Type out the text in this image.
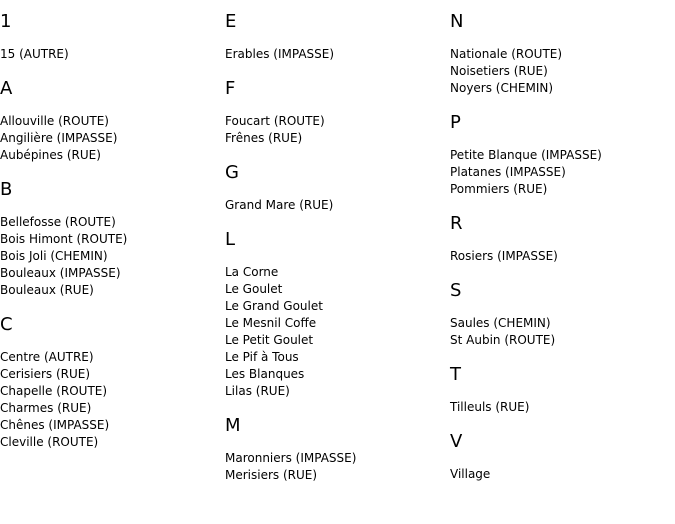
1
15 (AUTRE)
A
Allouville (ROUTE)
Angilière (IMPASSE)
Aubépines (RUE)
B
Bellefosse (ROUTE)
Bois Himont (ROUTE)
Bois Joli (CHEMIN)
Bouleaux (IMPASSE)
Bouleaux (RUE)
C
Centre (AUTRE)
Cerisiers (RUE)
Chapelle (ROUTE)
Charmes (RUE)
Chênes (IMPASSE)
Cleville (ROUTE)
E
Erables (IMPASSE)
F
Foucart (ROUTE)
Frênes (RUE)
G
Grand Mare (RUE)
L
La Corne
Le Goulet
Le Grand Goulet
Le Mesnil Coffe
Le Petit Goulet
Le Pif à Tous
Les Blanques
Lilas (RUE)
M
Maronniers (IMPASSE)
Merisiers (RUE)
N
Nationale (ROUTE)
Noisetiers (RUE)
Noyers (CHEMIN)
P
Petite Blanque (IMPASSE)
Platanes (IMPASSE)
Pommiers (RUE)
R
Rosiers (IMPASSE)
S
Saules (CHEMIN)
St Aubin (ROUTE)
T
Tilleuls (RUE)
V
Village
